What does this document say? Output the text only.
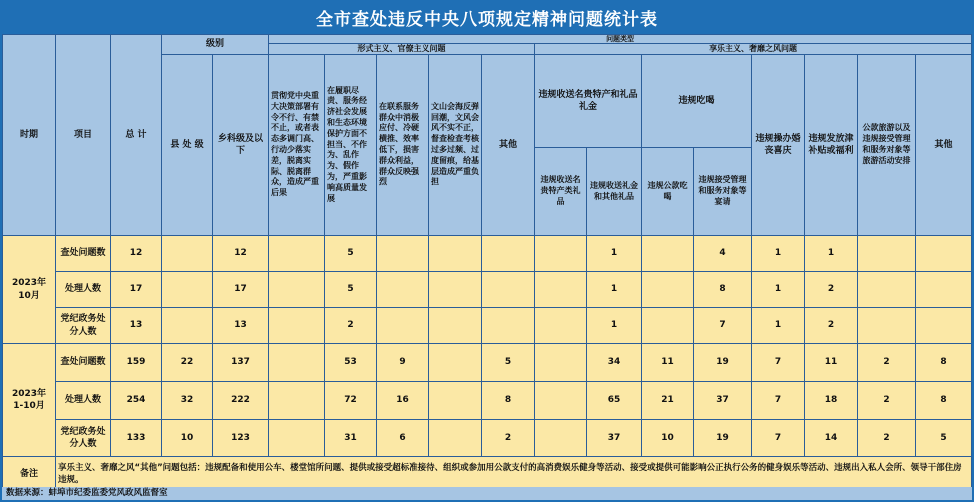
全市查处违反中央八项规定精神问题统计表
时期	项目	总 计	级别		问题类型												
					形式主义、官僚主义问题					享乐主义、奢靡之风问题							
			县 处 级	乡科级及以下	贯彻党中央重大决策部署有令不行、有禁不止，或者表态多调门高、行动少落实差，脱离实际、脱离群众，造成严重后果	在履职尽责、服务经济社会发展和生态环境保护方面不担当、不作为、乱作为、假作为，严重影响高质量发展	在联系服务群众中消极应付、冷硬横推、效率低下，损害群众利益，群众反映强烈	文山会海反弹回潮，文风会风不实不正，督查检查考核过多过频、过度留痕，给基层造成严重负担	其他	违规收送名贵特产和礼品礼金		违规吃喝		违规操办婚丧喜庆	违规发放津补贴或福利	公款旅游以及违规接受管理和服务对象等旅游活动安排	其他
										违规收送名贵特产类礼品	违规收送礼金和其他礼品	违规公款吃喝	违规接受管理和服务对象等宴请				
2023年
10月	查处问题数	12		12		5					1		4	1	1		
	处理人数	17		17		5					1		8	1	2		
	党纪政务处分人数	13		13		2					1		7	1	2		
2023年
1-10月	查处问题数	159	22	137		53	9		5		34	11	19	7	11	2	8
	处理人数	254	32	222		72	16		8		65	21	37	7	18	2	8
	党纪政务处分人数	133	10	123		31	6		2		37	10	19	7	14	2	5
备注	享乐主义、奢靡之风“其他”问题包括：违规配备和使用公车、楼堂馆所问题、提供或接受超标准接待、组织或参加用公款支付的高消费娱乐健身等活动、接受或提供可能影响公正执行公务的健身娱乐等活动、违规出入私人会所、领导干部住房违规。																
数据来源：蚌埠市纪委监委党风政风监督室
